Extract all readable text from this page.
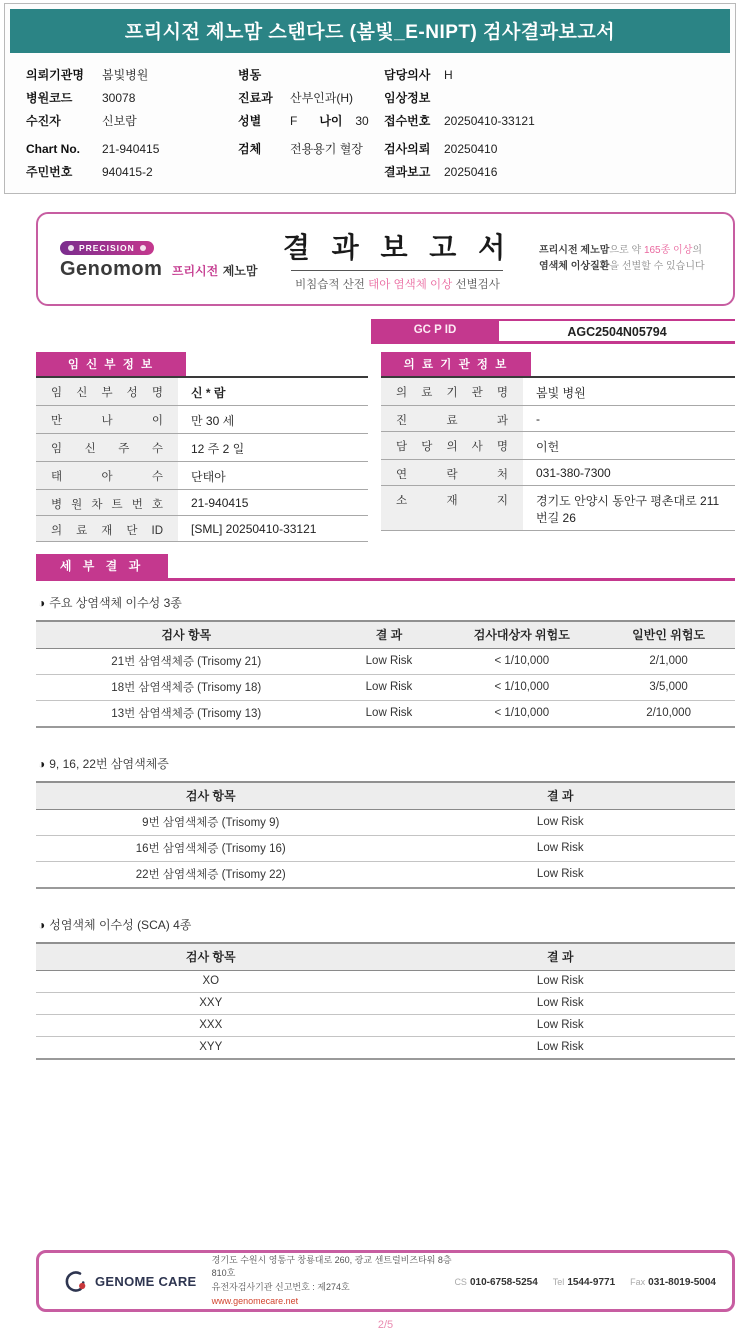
프리시전 제노맘 스탠다드 (봄빛_E-NIPT) 검사결과보고서
의뢰기관명	봄빛병원
병원코드	30078
수진자	신보람
Chart No.	21-940415
주민번호	940415-2
병동
진료과	산부인과(H)
성별	F 나이	30
검체	전용용기 혈장
담당의사	H
임상정보
접수번호	20250410-33121
검사의뢰	20250410
결과보고	20250416
PRECISION
Genomom 프리시전 제노맘
결 과 보 고 서
비침습적 산전 태아 염색체 이상 선별검사
프리시전 제노맘으로 약 165종 이상의
염색체 이상질환을 선별할 수 있습니다
GC P ID	AGC2504N05794
임 신 부 정 보
임 신 부 성 명	신 * 람
만 나 이	만 30 세
임 신 주 수	12 주 2 일
태 아 수	단태아
병 원 차 트 번 호	21-940415
의 료 재 단 ID	[SML] 20250410-33121
의 료 기 관 정 보
의 료 기 관 명	봄빛 병원
진 료 과	-
담 당 의 사 명	이헌
연 락 처	031-380-7300
소 재 지	경기도 안양시 동안구 평촌대로 211번길 26
세 부 결 과
◑ 주요 상염색체 이수성 3종
검사 항목	결 과	검사대상자 위험도	일반인 위험도
21번 삼염색체증 (Trisomy 21)	Low Risk	< 1/10,000	2/1,000
18번 삼염색체증 (Trisomy 18)	Low Risk	< 1/10,000	3/5,000
13번 삼염색체증 (Trisomy 13)	Low Risk	< 1/10,000	2/10,000
◑ 9, 16, 22번 삼염색체증
검사 항목	결 과
9번 삼염색체증 (Trisomy 9)	Low Risk
16번 삼염색체증 (Trisomy 16)	Low Risk
22번 삼염색체증 (Trisomy 22)	Low Risk
◑ 성염색체 이수성 (SCA) 4종
검사 항목	결 과
XO	Low Risk
XXY	Low Risk
XXX	Low Risk
XYY	Low Risk
GENOME CARE
경기도 수원시 영통구 창룡대로 260, 광교 센트럴비즈타워 8층 810호
유전자검사기관 신고번호 : 제274호
www.genomecare.net
CS 010-6758-5254 Tel 1544-9771 Fax 031-8019-5004
2/5
